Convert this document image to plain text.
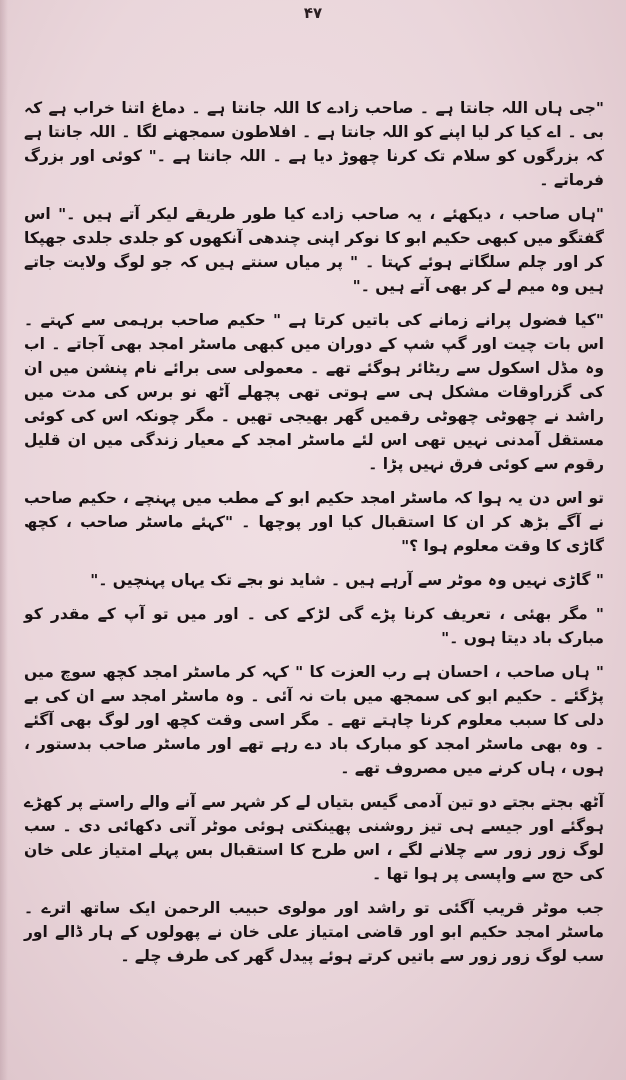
۴۷

"جی ہاں اللہ جانتا ہے ۔ صاحب زادے کا اللہ جانتا ہے ۔ دماغ اتنا خراب ہے کہ بی ۔ اے کیا کر لیا اپنے کو اللہ جانتا ہے ۔ افلاطون سمجھنے لگا ۔ اللہ جانتا ہے کہ بزرگوں کو سلام تک کرنا چھوڑ دیا ہے ۔ اللہ جانتا ہے ۔" کوئی اور بزرگ فرماتے ۔

"ہاں صاحب ، دیکھئے ، یہ صاحب زادے کیا طور طریقے لیکر آتے ہیں ۔" اس گفتگو میں کبھی حکیم ابو کا نوکر اپنی چندھی آنکھوں کو جلدی جلدی جھپکا کر اور چلم سلگاتے ہوئے کہتا ۔ " پر میاں سنتے ہیں کہ جو لوگ ولایت جاتے ہیں وہ میم لے کر بھی آتے ہیں ۔"

"کیا فضول پرانے زمانے کی باتیں کرتا ہے " حکیم صاحب برہمی سے کہتے ۔ اس بات چیت اور گپ شپ کے دوران میں کبھی ماسٹر امجد بھی آجاتے ۔ اب وہ مڈل اسکول سے ریٹائر ہوگئے تھے ۔ معمولی سی برائے نام پنشن میں ان کی گزراوقات مشکل ہی سے ہوتی تھی پچھلے آٹھ نو برس کی مدت میں راشد نے چھوٹی چھوٹی رقمیں گھر بھیجی تھیں ۔ مگر چونکہ اس کی کوئی مستقل آمدنی نہیں تھی اس لئے ماسٹر امجد کے معیار زندگی میں ان قلیل رقوم سے کوئی فرق نہیں پڑا ۔

تو اس دن یہ ہوا کہ ماسٹر امجد حکیم ابو کے مطب میں پہنچے ، حکیم صاحب نے آگے بڑھ کر ان کا استقبال کیا اور پوچھا ۔ "کہئے ماسٹر صاحب ، کچھ گاڑی کا وقت معلوم ہوا ؟"

" گاڑی نہیں وہ موٹر سے آرہے ہیں ۔ شاید نو بجے تک یہاں پہنچیں ۔"

" مگر بھئی ، تعریف کرنا پڑے گی لڑکے کی ۔ اور میں تو آپ کے مقدر کو مبارک باد دیتا ہوں ۔"

" ہاں صاحب ، احسان ہے رب العزت کا " کہہ کر ماسٹر امجد کچھ سوچ میں پڑگئے ۔ حکیم ابو کی سمجھ میں بات نہ آئی ۔ وہ ماسٹر امجد سے ان کی بے دلی کا سبب معلوم کرنا چاہتے تھے ۔ مگر اسی وقت کچھ اور لوگ بھی آگئے ۔ وہ بھی ماسٹر امجد کو مبارک باد دے رہے تھے اور ماسٹر صاحب بدستور ، ہوں ، ہاں کرنے میں مصروف تھے ۔

آٹھ بجتے بجتے دو تین آدمی گیس بتیاں لے کر شہر سے آنے والے راستے پر کھڑے ہوگئے اور جیسے ہی تیز روشنی پھینکتی ہوئی موٹر آتی دکھائی دی ۔ سب لوگ زور زور سے چلانے لگے ، اس طرح کا استقبال بس پہلے امتیاز علی خان کی حج سے واپسی پر ہوا تھا ۔

جب موٹر قریب آگئی تو راشد اور مولوی حبیب الرحمن ایک ساتھ اترے ۔ ماسٹر امجد حکیم ابو اور قاضی امتیاز علی خان نے پھولوں کے ہار ڈالے اور سب لوگ زور زور سے باتیں کرتے ہوئے پیدل گھر کی طرف چلے ۔
